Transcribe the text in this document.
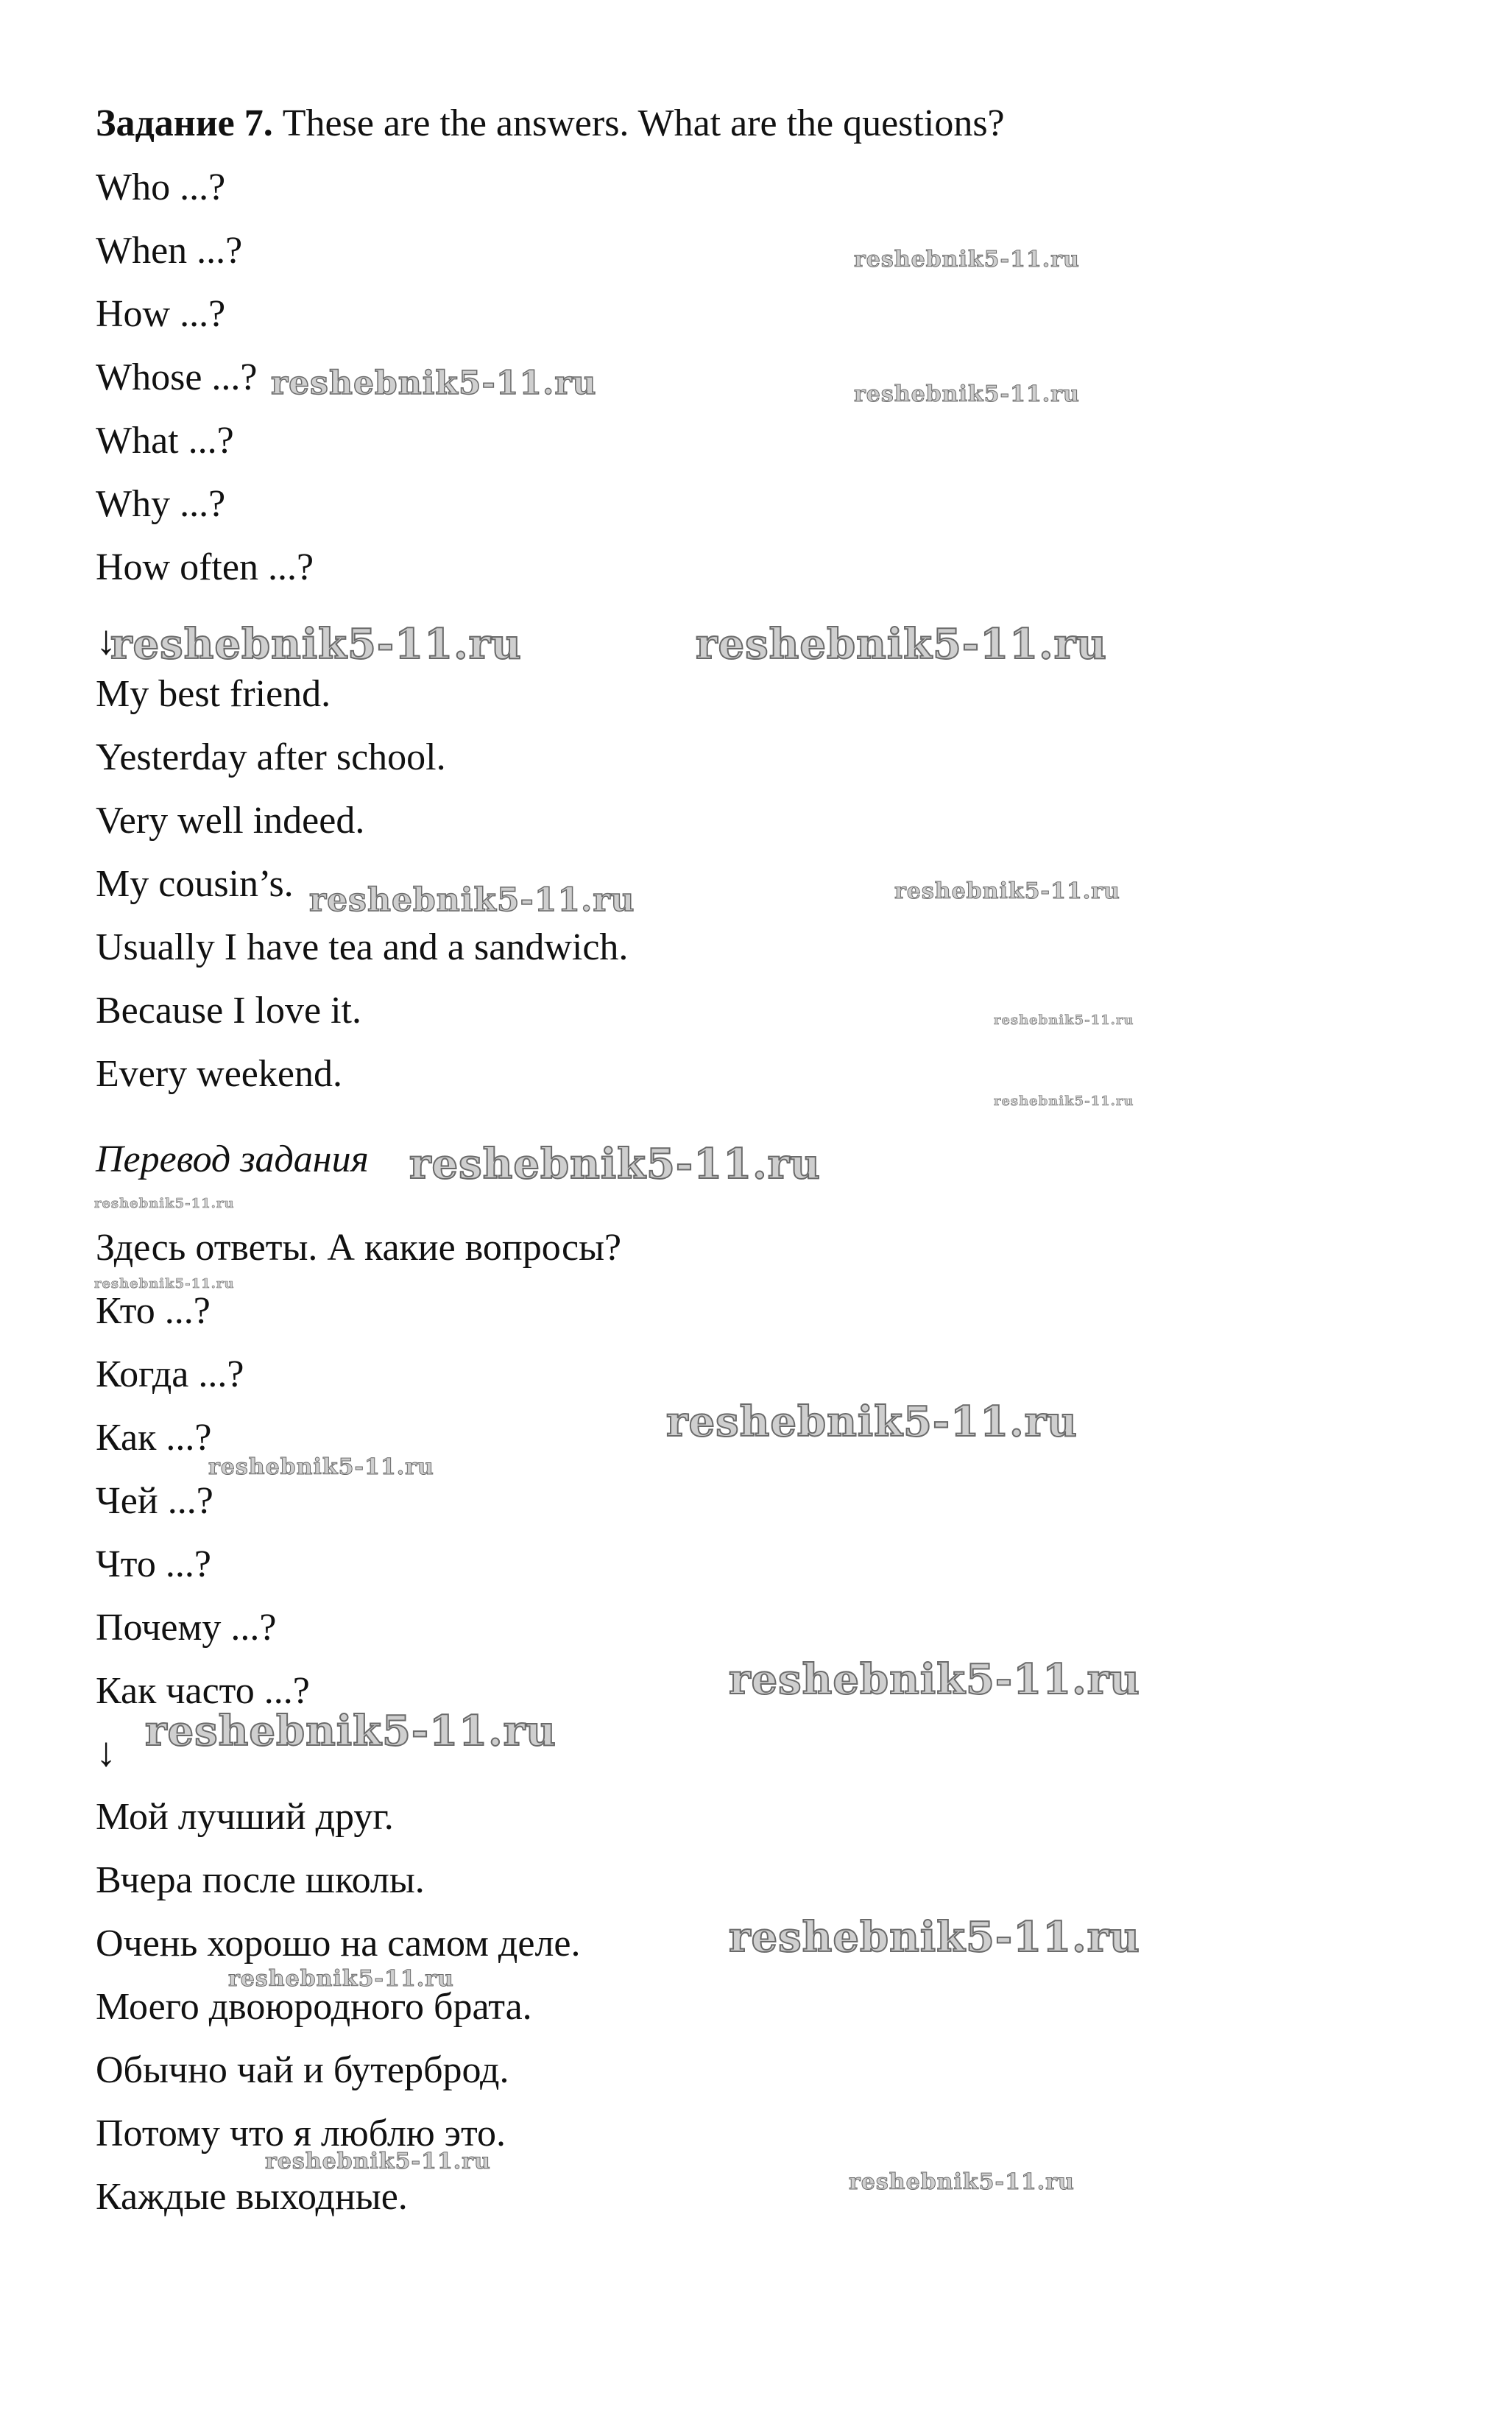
Задание 7. These are the answers. What are the questions?
Who ...?
When ...?
How ...?
Whose ...?
What ...?
Why ...?
How often ...?
↓
My best friend.
Yesterday after school.
Very well indeed.
My cousin’s.
Usually I have tea and a sandwich.
Because I love it.
Every weekend.
Перевод задания
Здесь ответы. А какие вопросы?
Кто ...?
Когда ...?
Как ...?
Чей ...?
Что ...?
Почему ...?
Как часто ...?
↓
Мой лучший друг.
Вчера после школы.
Очень хорошо на самом деле.
Моего двоюродного брата.
Обычно чай и бутерброд.
Потому что я люблю это.
Каждые выходные.
reshebnik5-11.ru
reshebnik5-11.ru	reshebnik5-11.ru
reshebnik5-11.ru	reshebnik5-11.ru
reshebnik5-11.ru	reshebnik5-11.ru
reshebnik5-11.ru
reshebnik5-11.ru
reshebnik5-11.ru
reshebnik5-11.ru
reshebnik5-11.ru
reshebnik5-11.ru
reshebnik5-11.ru
reshebnik5-11.ru
reshebnik5-11.ru
reshebnik5-11.ru
reshebnik5-11.ru
reshebnik5-11.ru
reshebnik5-11.ru
